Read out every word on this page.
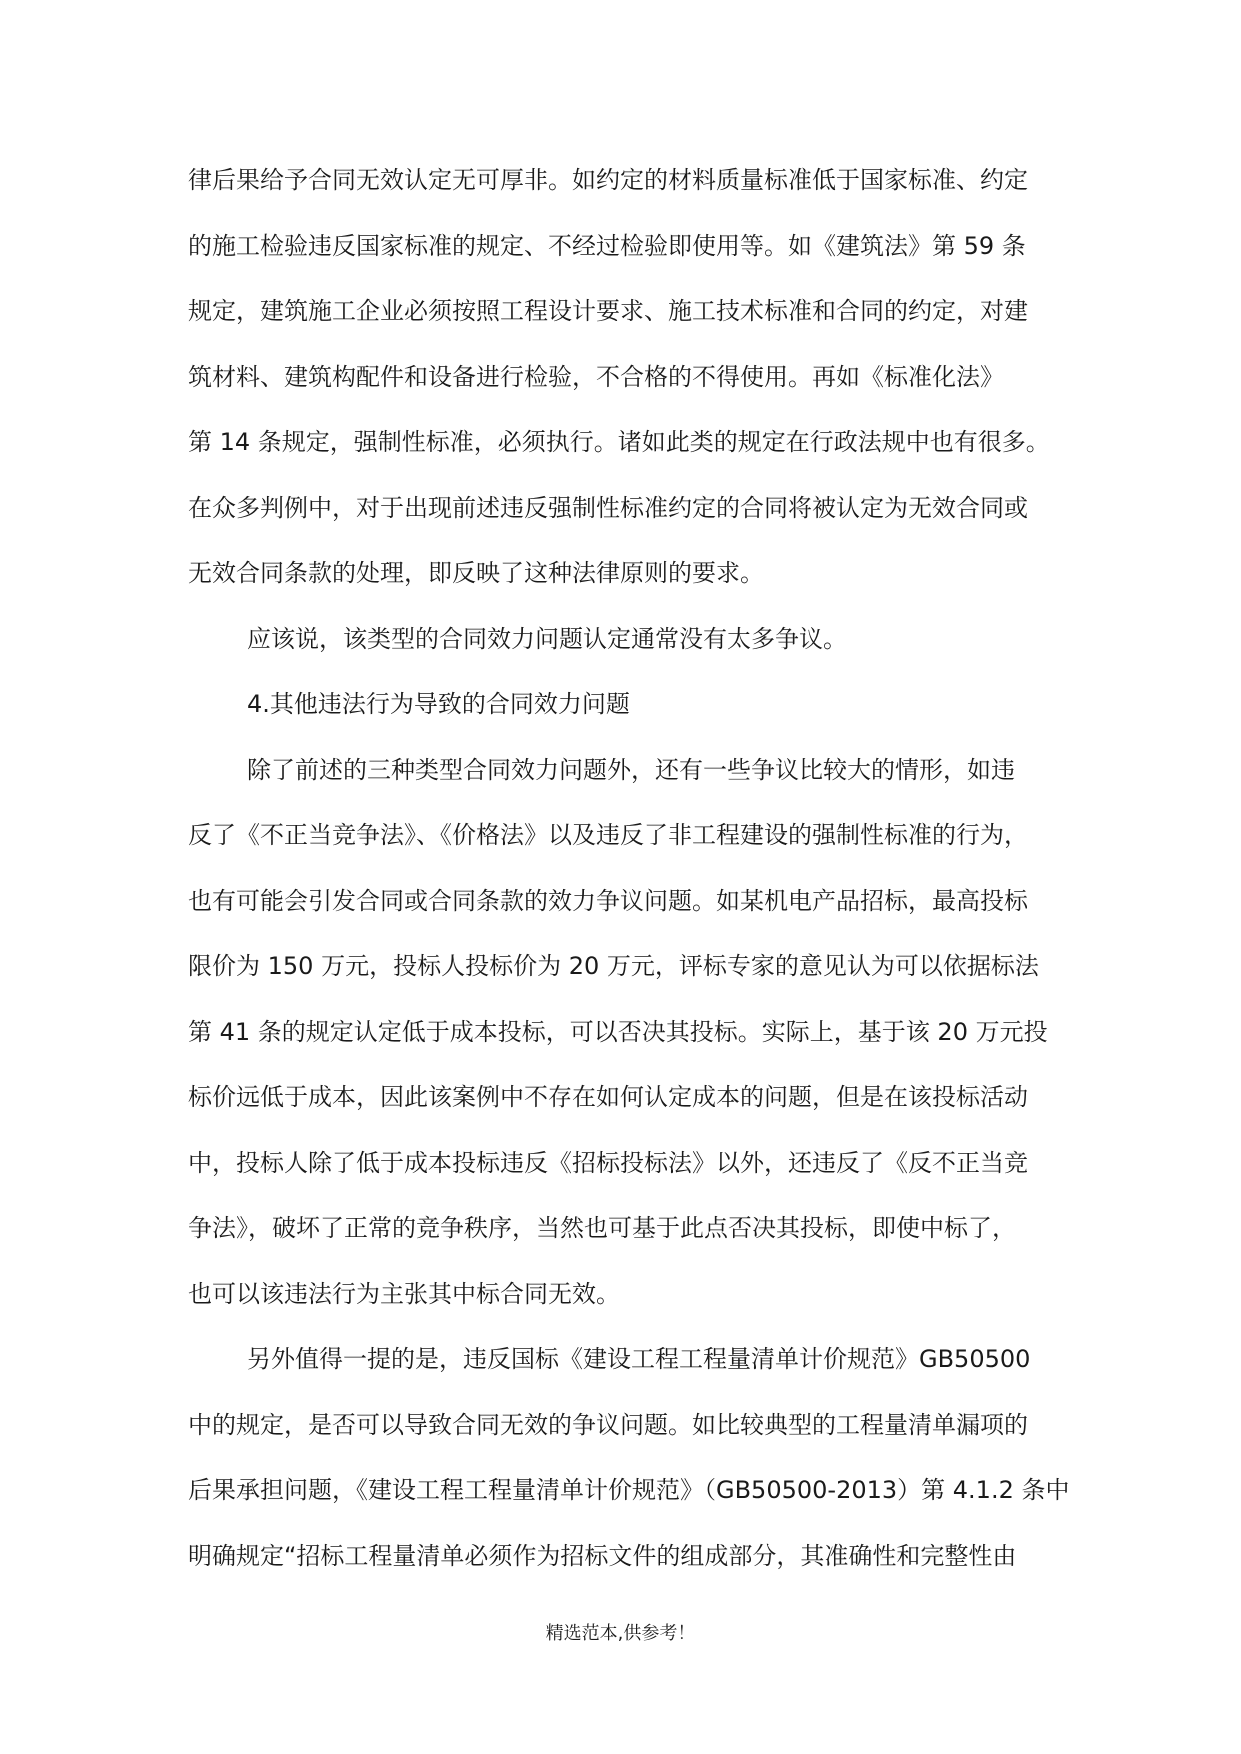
律后果给予合同无效认定无可厚非。如约定的材料质量标准低于国家标准、约定
的施工检验违反国家标准的规定、不经过检验即使用等。如《建筑法》第 59 条
规定，建筑施工企业必须按照工程设计要求、施工技术标准和合同的约定，对建
筑材料、建筑构配件和设备进行检验，不合格的不得使用。再如《标准化法》
第 14 条规定，强制性标准，必须执行。诸如此类的规定在行政法规中也有很多。
在众多判例中，对于出现前述违反强制性标准约定的合同将被认定为无效合同或
无效合同条款的处理，即反映了这种法律原则的要求。
应该说，该类型的合同效力问题认定通常没有太多争议。
4.其他违法行为导致的合同效力问题
除了前述的三种类型合同效力问题外，还有一些争议比较大的情形，如违
反了《不正当竞争法》、《价格法》以及违反了非工程建设的强制性标准的行为，
也有可能会引发合同或合同条款的效力争议问题。如某机电产品招标，最高投标
限价为 150 万元，投标人投标价为 20 万元，评标专家的意见认为可以依据标法
第 41 条的规定认定低于成本投标，可以否决其投标。实际上，基于该 20 万元投
标价远低于成本，因此该案例中不存在如何认定成本的问题，但是在该投标活动
中，投标人除了低于成本投标违反《招标投标法》以外，还违反了《反不正当竞
争法》，破坏了正常的竞争秩序，当然也可基于此点否决其投标，即使中标了，
也可以该违法行为主张其中标合同无效。
另外值得一提的是，违反国标《建设工程工程量清单计价规范》GB50500
中的规定，是否可以导致合同无效的争议问题。如比较典型的工程量清单漏项的
后果承担问题，《建设工程工程量清单计价规范》（GB50500-2013）第 4.1.2 条中
明确规定“招标工程量清单必须作为招标文件的组成部分，其准确性和完整性由
精选范本,供参考！
